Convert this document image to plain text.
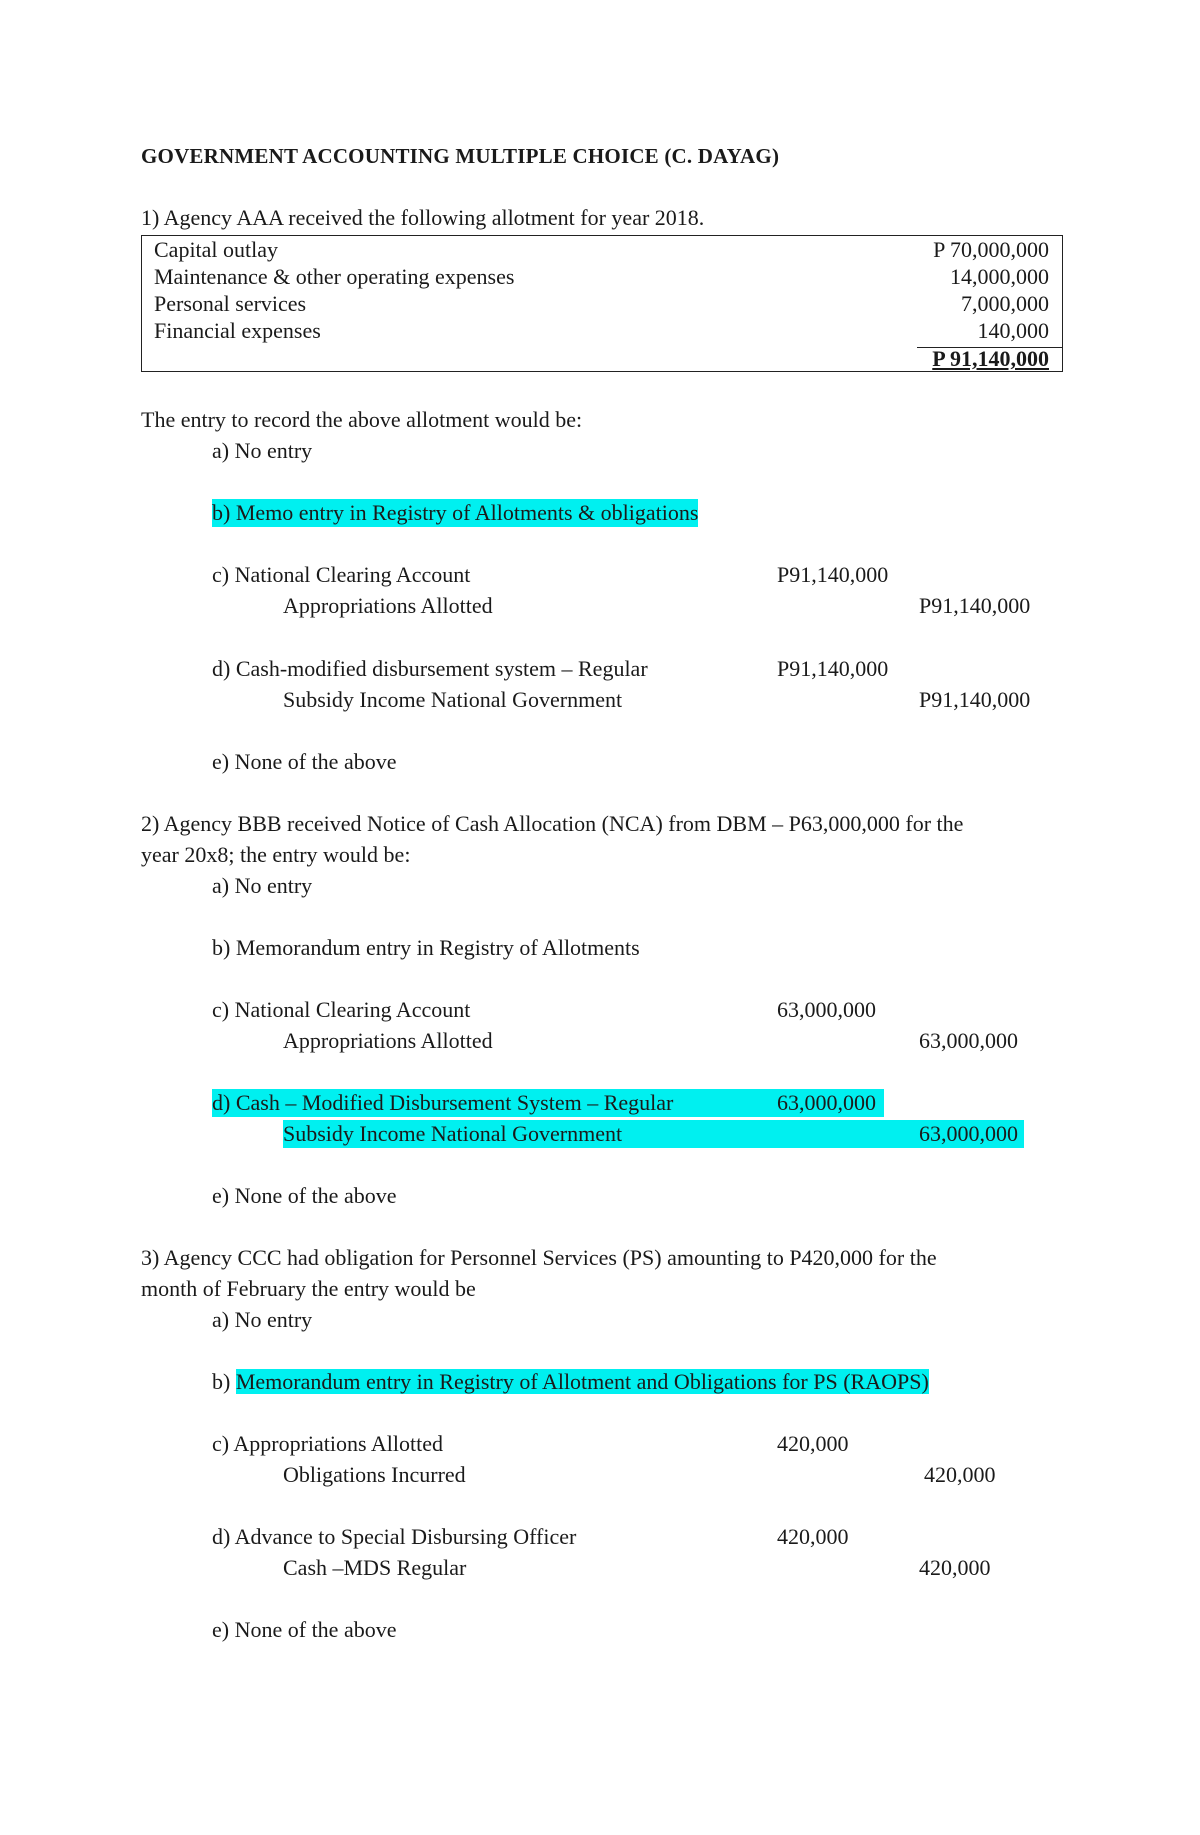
GOVERNMENT ACCOUNTING MULTIPLE CHOICE (C. DAYAG)
1) Agency AAA received the following allotment for year 2018.
Capital outlay	P 70,000,000
Maintenance & other operating expenses	14,000,000
Personal services	7,000,000
Financial expenses	140,000
P 91,140,000
The entry to record the above allotment would be:
a) No entry
b) Memo entry in Registry of Allotments & obligations
c) National Clearing Account	P91,140,000
Appropriations Allotted	P91,140,000
d) Cash-modified disbursement system – Regular	P91,140,000
Subsidy Income National Government	P91,140,000
e) None of the above
2) Agency BBB received Notice of Cash Allocation (NCA) from DBM – P63,000,000 for the
year 20x8; the entry would be:
a) No entry
b) Memorandum entry in Registry of Allotments
c) National Clearing Account	63,000,000
Appropriations Allotted	63,000,000
d) Cash – Modified Disbursement System – Regular	63,000,000
Subsidy Income National Government	63,000,000
e) None of the above
3) Agency CCC had obligation for Personnel Services (PS) amounting to P420,000 for the
month of February the entry would be
a) No entry
b) Memorandum entry in Registry of Allotment and Obligations for PS (RAOPS)
c) Appropriations Allotted	420,000
Obligations Incurred	420,000
d) Advance to Special Disbursing Officer	420,000
Cash –MDS Regular	420,000
e) None of the above
